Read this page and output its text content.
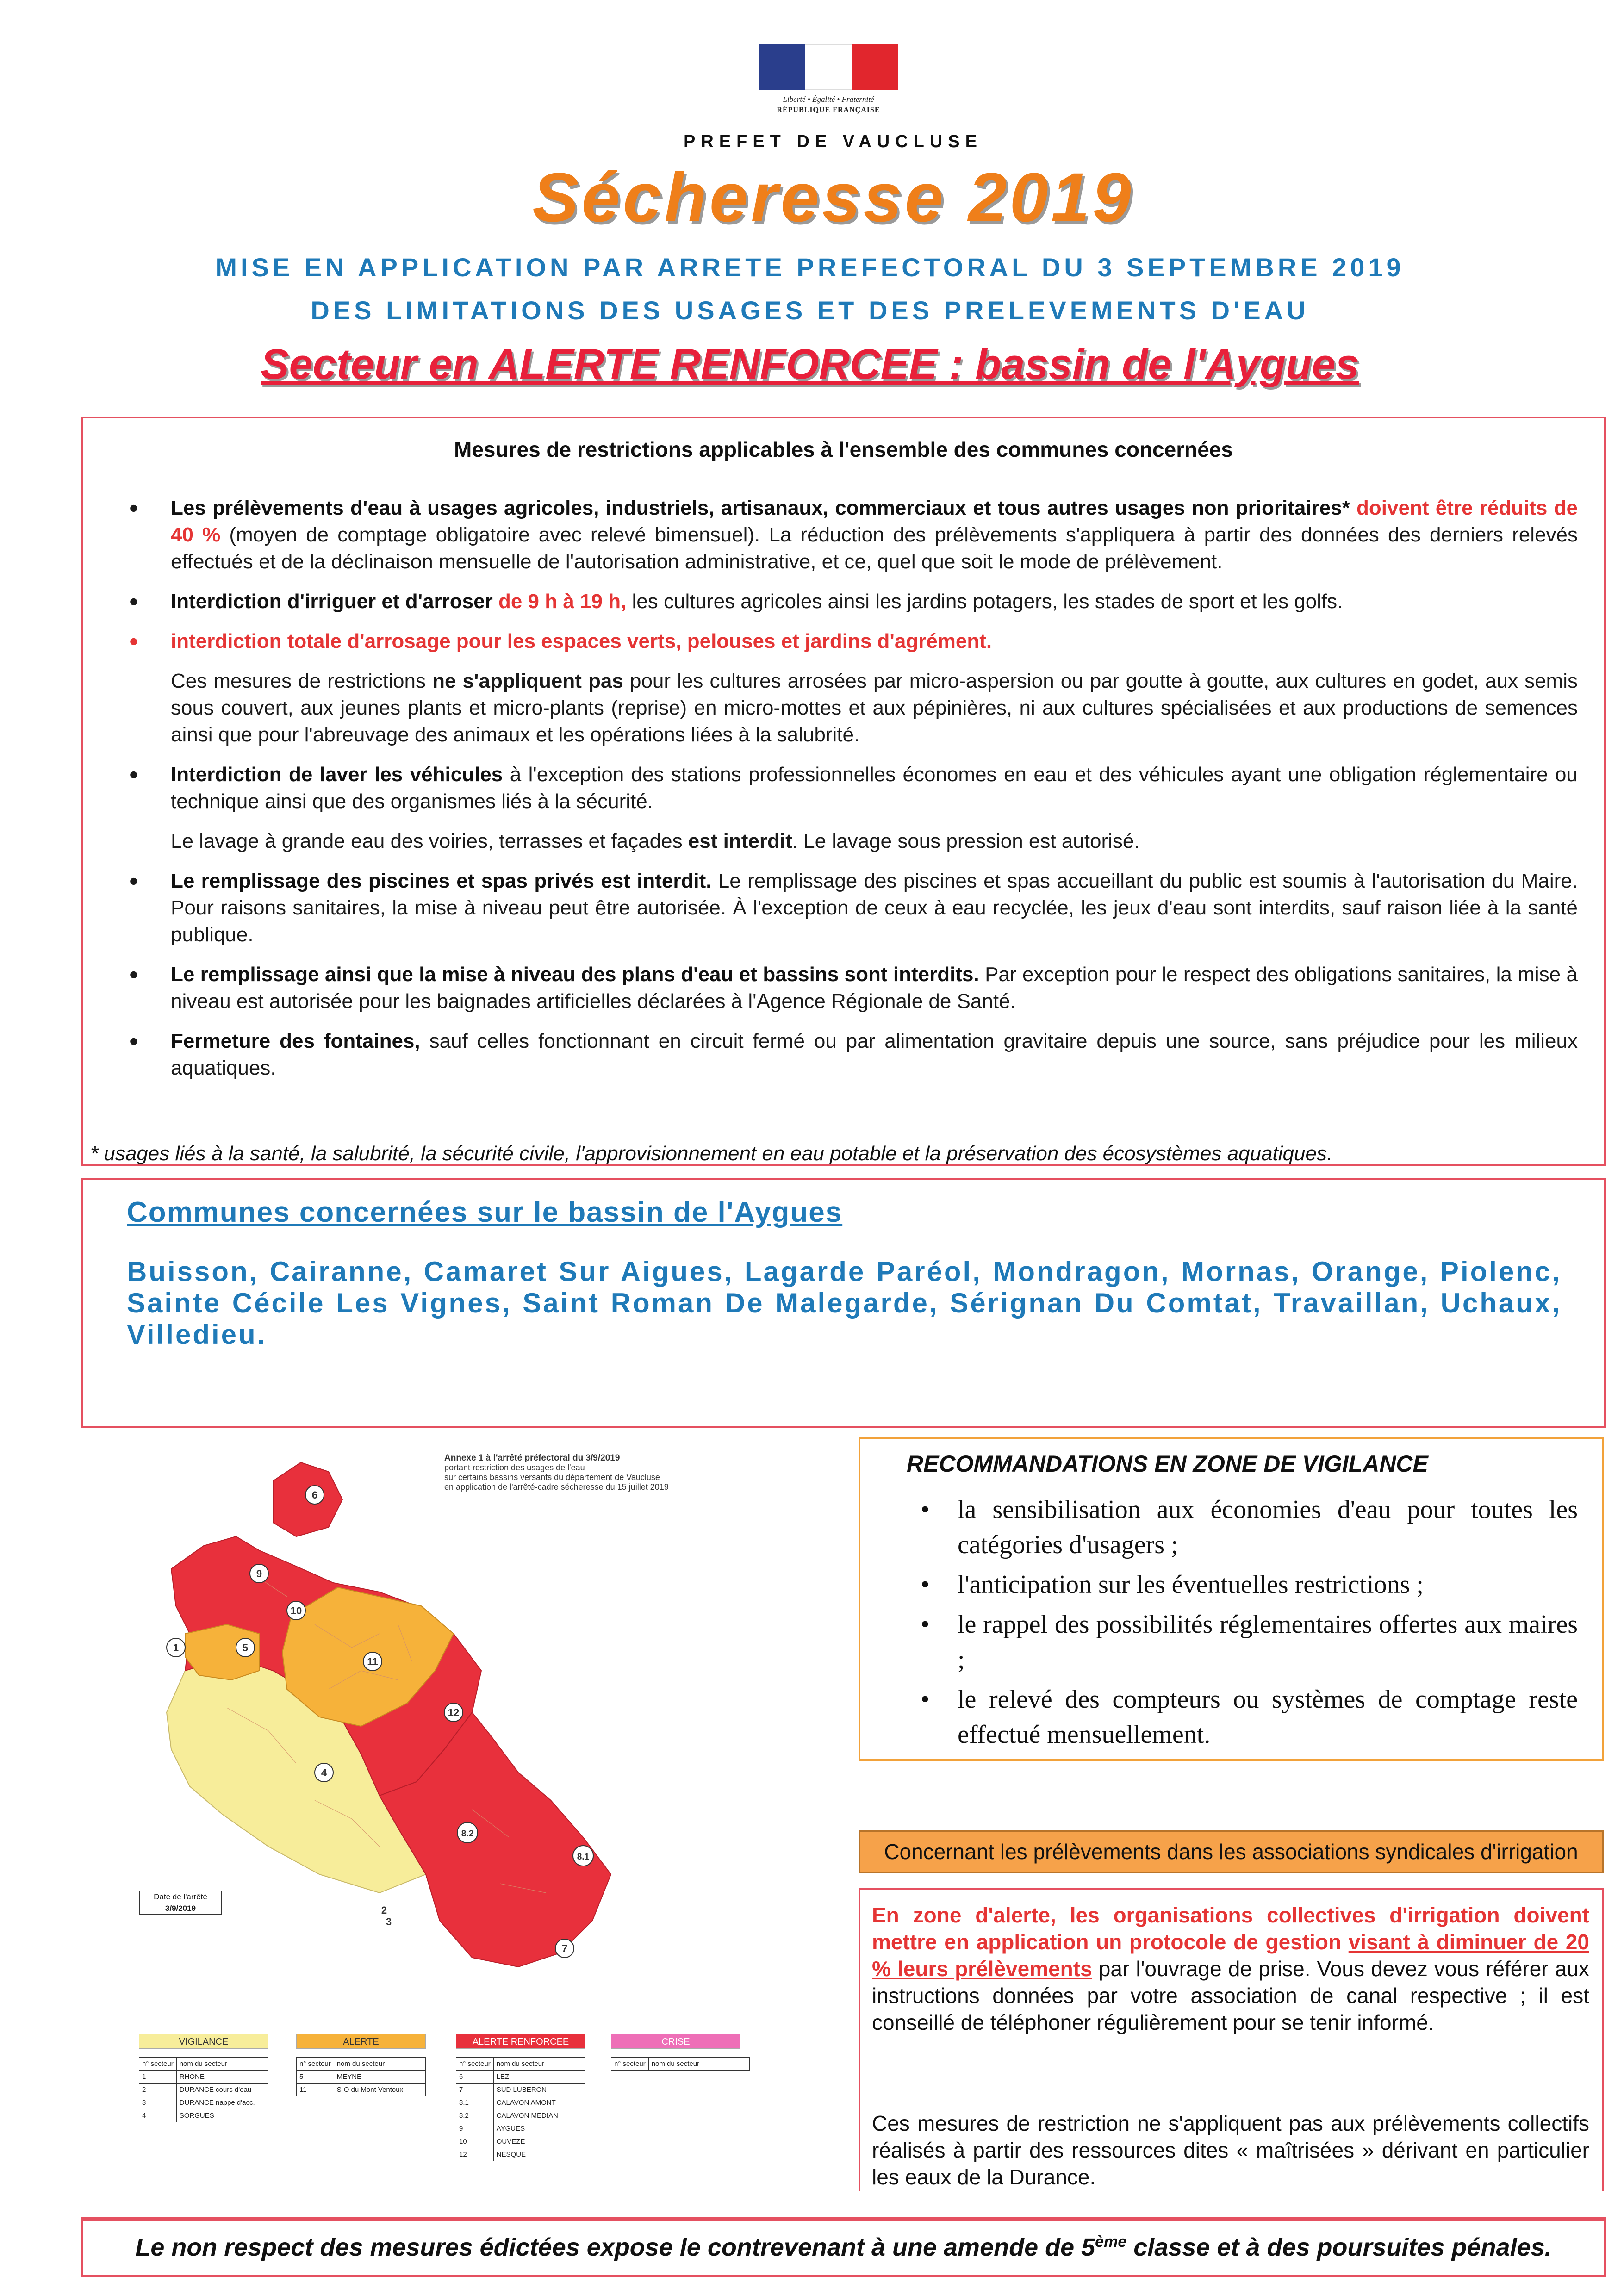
Liberté • Égalité • Fraternité
RÉPUBLIQUE FRANÇAISE
PREFET DE VAUCLUSE
Sécheresse 2019
MISE EN APPLICATION PAR ARRETE PREFECTORAL DU 3 SEPTEMBRE 2019
DES LIMITATIONS DES USAGES ET DES PRELEVEMENTS D'EAU
Secteur en ALERTE RENFORCEE : bassin de l'Aygues
Mesures de restrictions applicables à l'ensemble des communes concernées
• Les prélèvements d'eau à usages agricoles, industriels, artisanaux, commerciaux et tous autres usages non prioritaires* doivent être réduits de 40 % (moyen de comptage obligatoire avec relevé bimensuel). La réduction des prélèvements s'appliquera à partir des données des derniers relevés effectués et de la déclinaison mensuelle de l'autorisation administrative, et ce, quel que soit le mode de prélèvement.
• Interdiction d'irriguer et d'arroser de 9 h à 19 h, les cultures agricoles ainsi les jardins potagers, les stades de sport et les golfs.
• interdiction totale d'arrosage pour les espaces verts, pelouses et jardins d'agrément.
Ces mesures de restrictions ne s'appliquent pas pour les cultures arrosées par micro-aspersion ou par goutte à goutte, aux cultures en godet, aux semis sous couvert, aux jeunes plants et micro-plants (reprise) en micro-mottes et aux pépinières, ni aux cultures spécialisées et aux productions de semences ainsi que pour l'abreuvage des animaux et les opérations liées à la salubrité.
• Interdiction de laver les véhicules à l'exception des stations professionnelles économes en eau et des véhicules ayant une obligation réglementaire ou technique ainsi que des organismes liés à la sécurité.
Le lavage à grande eau des voiries, terrasses et façades est interdit. Le lavage sous pression est autorisé.
• Le remplissage des piscines et spas privés est interdit. Le remplissage des piscines et spas accueillant du public est soumis à l'autorisation du Maire. Pour raisons sanitaires, la mise à niveau peut être autorisée. À l'exception de ceux à eau recyclée, les jeux d'eau sont interdits, sauf raison liée à la santé publique.
• Le remplissage ainsi que la mise à niveau des plans d'eau et bassins sont interdits. Par exception pour le respect des obligations sanitaires, la mise à niveau est autorisée pour les baignades artificielles déclarées à l'Agence Régionale de Santé.
• Fermeture des fontaines, sauf celles fonctionnant en circuit fermé ou par alimentation gravitaire depuis une source, sans préjudice pour les milieux aquatiques.
* usages liés à la santé, la salubrité, la sécurité civile, l'approvisionnement en eau potable et la préservation des écosystèmes aquatiques.
Communes concernées sur le bassin de l'Aygues
Buisson, Cairanne, Camaret Sur Aigues, Lagarde Paréol, Mondragon, Mornas, Orange, Piolenc, Sainte Cécile Les Vignes, Saint Roman De Malegarde, Sérignan Du Comtat, Travaillan, Uchaux, Villedieu.
6
9
10
1	5
11
12
4
8.2
8.1
2
3
7
Annexe 1 à l'arrêté préfectoral du 3/9/2019
portant restriction des usages de l'eau
sur certains bassins versants du département de Vaucluse
en application de l'arrêté-cadre sécheresse du 15 juillet 2019
Date de l'arrêté
3/9/2019
VIGILANCE	ALERTE	ALERTE RENFORCEE	CRISE
n° secteur	nom du secteur
1	RHONE
2	DURANCE cours d'eau
3	DURANCE nappe d'acc.
4	SORGUES
n° secteur	nom du secteur
5	MEYNE
11	S-O du Mont Ventoux
n° secteur	nom du secteur
6	LEZ
7	SUD LUBERON
8.1	CALAVON AMONT
8.2	CALAVON MEDIAN
9	AYGUES
10	OUVEZE
12	NESQUE
n° secteur	nom du secteur
RECOMMANDATIONS EN ZONE DE VIGILANCE
• la sensibilisation aux économies d'eau pour toutes les catégories d'usagers ;
• l'anticipation sur les éventuelles restrictions ;
• le rappel des possibilités réglementaires offertes aux maires ;
• le relevé des compteurs ou systèmes de comptage reste effectué mensuellement.
Concernant les prélèvements dans les associations syndicales d'irrigation
En zone d'alerte, les organisations collectives d'irrigation doivent mettre en application un protocole de gestion visant à diminuer de 20 % leurs prélèvements par l'ouvrage de prise. Vous devez vous référer aux instructions données par votre association de canal respective ; il est conseillé de téléphoner régulièrement pour se tenir informé.
Ces mesures de restriction ne s'appliquent pas aux prélèvements collectifs réalisés à partir des ressources dites « maîtrisées » dérivant en particulier les eaux de la Durance.
Le non respect des mesures édictées expose le contrevenant à une amende de 5ème classe et à des poursuites pénales.
